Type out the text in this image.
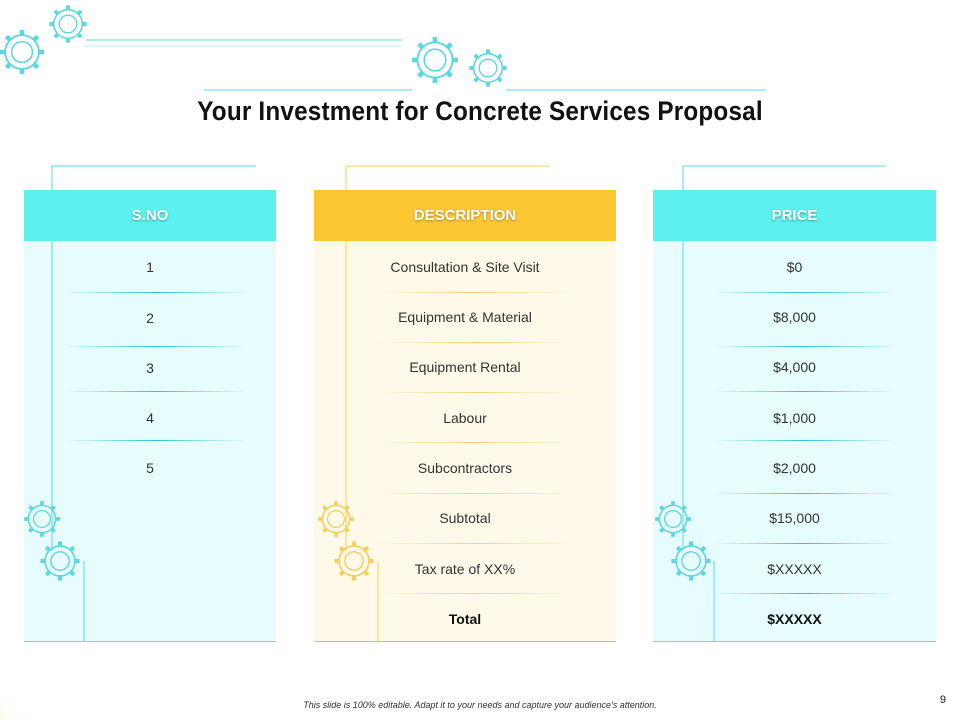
Your Investment for Concrete Services Proposal
S.NO
1
2
3
4
5
DESCRIPTION
Consultation & Site Visit
Equipment & Material
Equipment Rental
Labour
Subcontractors
Subtotal
Tax rate of XX%
Total
PRICE
$0
$8,000
$4,000
$1,000
$2,000
$15,000
$XXXXX
$XXXXX
This slide is 100% editable. Adapt it to your needs and capture your audience's attention.	9
